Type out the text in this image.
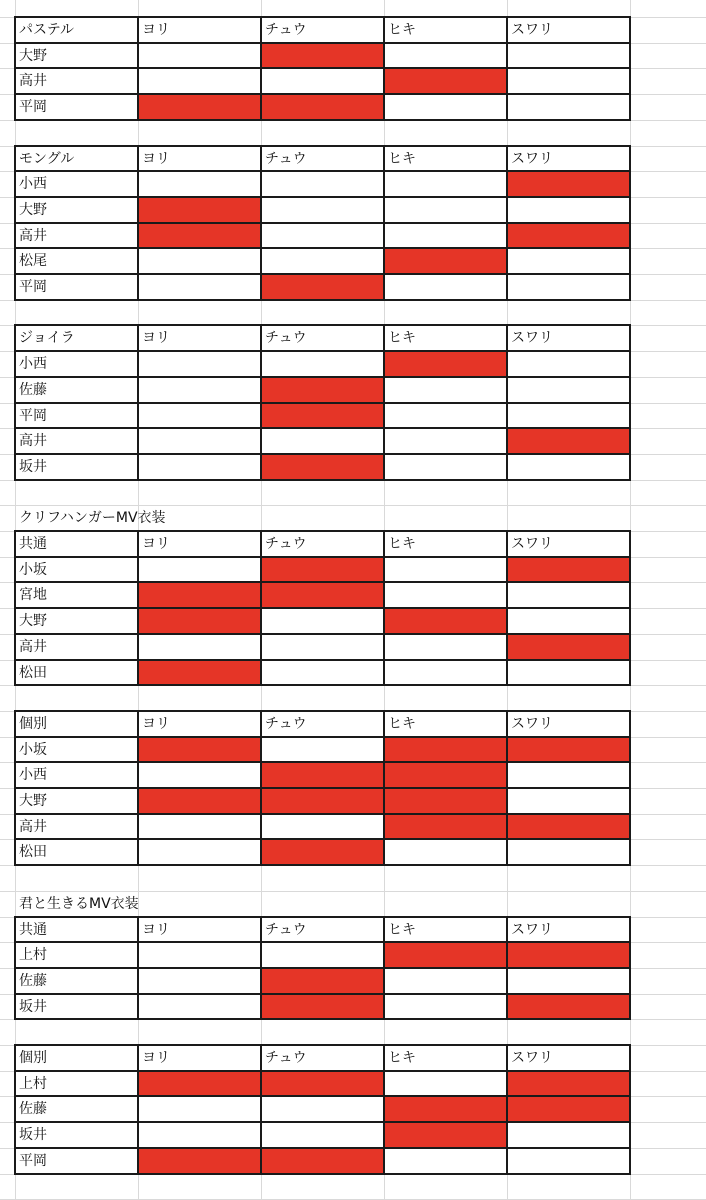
パステル	ヨリ	チュウ	ヒキ	スワリ
大野
高井
平岡
モングル	ヨリ	チュウ	ヒキ	スワリ
小西
大野
高井
松尾
平岡
ジョイラ	ヨリ	チュウ	ヒキ	スワリ
小西
佐藤
平岡
高井
坂井
クリフハンガーMV衣装
共通	ヨリ	チュウ	ヒキ	スワリ
小坂
宮地
大野
高井
松田
個別	ヨリ	チュウ	ヒキ	スワリ
小坂
小西
大野
高井
松田
君と生きるMV衣装
共通	ヨリ	チュウ	ヒキ	スワリ
上村
佐藤
坂井
個別	ヨリ	チュウ	ヒキ	スワリ
上村
佐藤
坂井
平岡
